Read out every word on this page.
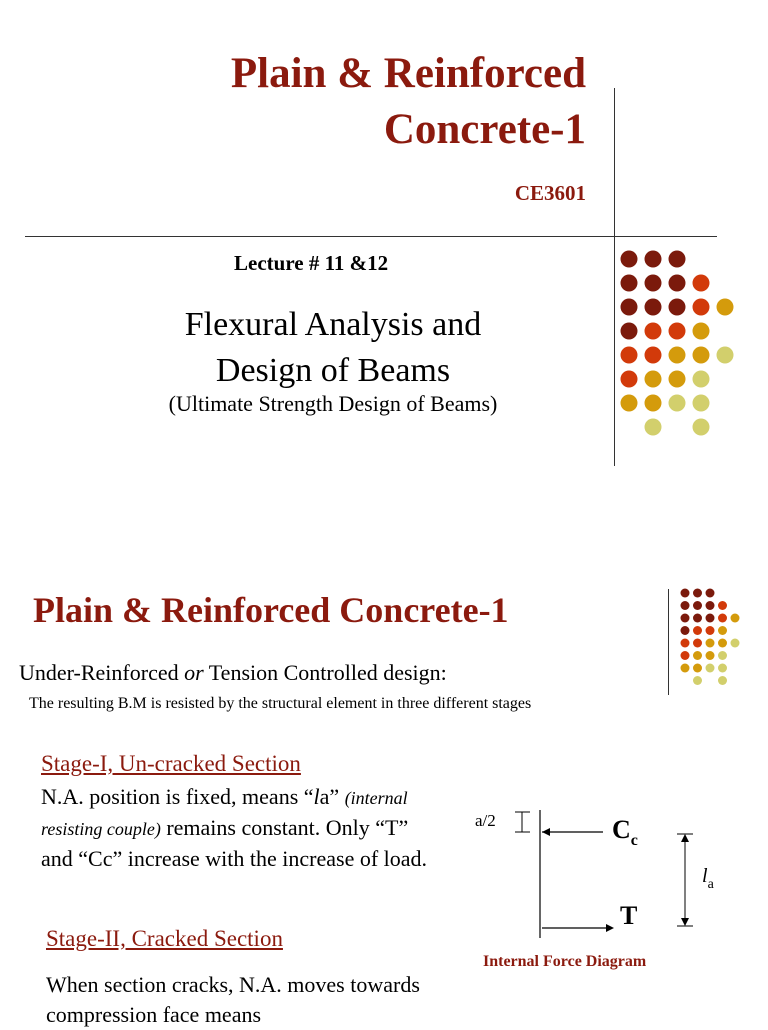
Plain & Reinforced
Concrete-1
CE3601
Lecture # 11 &12
Flexural Analysis and
Design of Beams
(Ultimate Strength Design of Beams)
Plain & Reinforced Concrete-1
Under-Reinforced or Tension Controlled design:
The resulting B.M is resisted by the structural element in three different stages
Stage-I, Un-cracked Section
N.A. position is fixed, means “la” (internal resisting couple) remains constant. Only “T” and “Cc” increase with the increase of load.
Stage-II, Cracked Section
When section cracks, N.A. moves towards compression face means
a/2	$C_c$
T
$l_a$
Internal Force Diagram
